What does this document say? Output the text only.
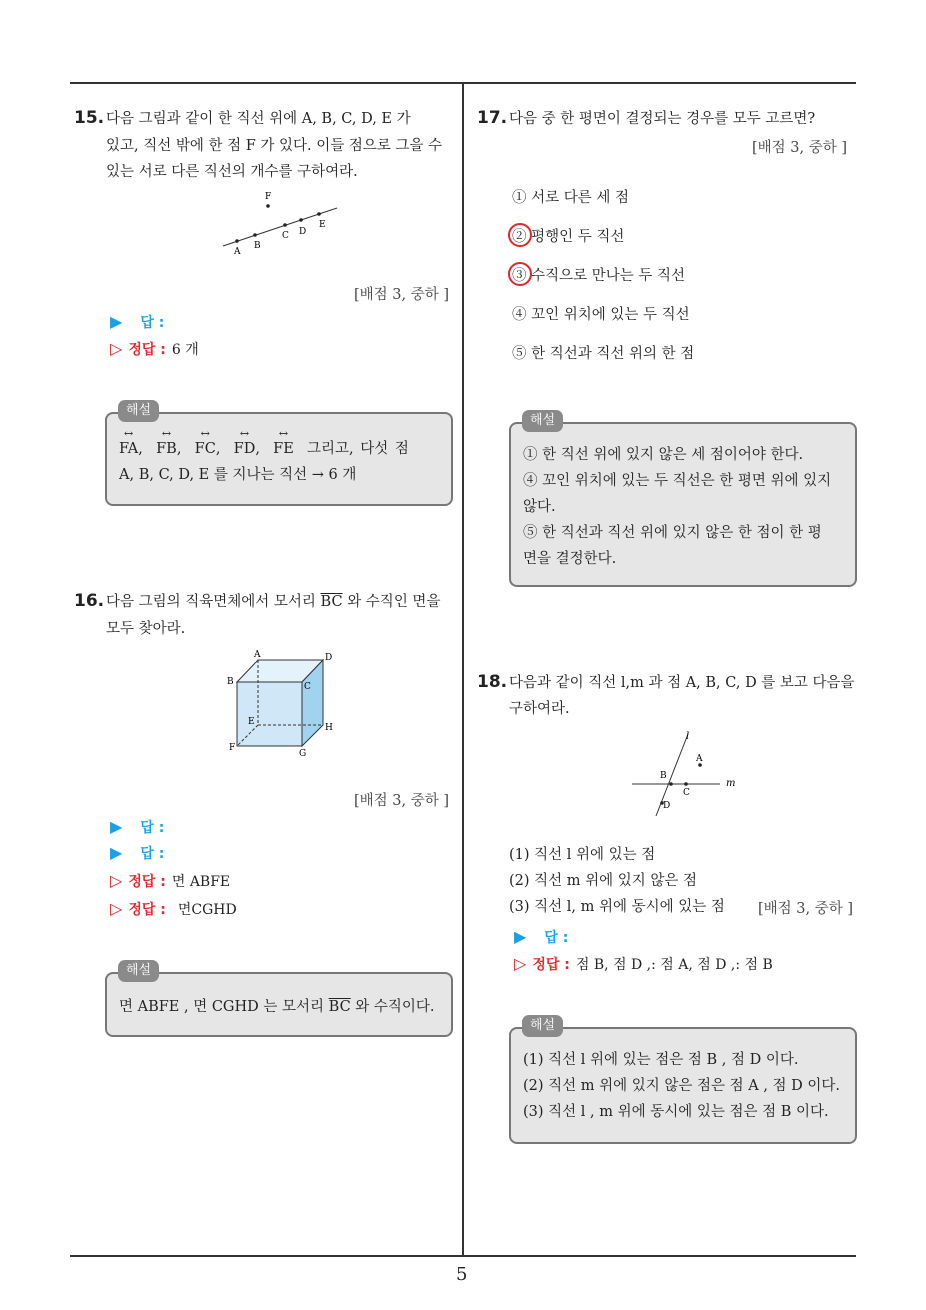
15. 다음 그림과 같이 한 직선 위에 A, B, C, D, E 가
있고, 직선 밖에 한 점 F 가 있다. 이들 점으로 그을 수
있는 서로 다른 직선의 개수를 구하여라.
F
A
B
C D
E
[배점 3, 중하 ]
▶ 답 :
▷ 정답 : 6 개
↔ FA,  ↔ FB,  ↔ FC,  ↔ FD,  ↔ FE 그리고, 다섯 점
A, B, C, D, E 를 지나는 직선 → 6 개
해설
16. 다음 그림의 직육면체에서 모서리 $\overline{BC}$ 와 수직인 면을
모두 찾아라.
A	D
B	C
E
H
F
G
[배점 3, 중하 ]
▶ 답 :
▶ 답 :
▷ 정답 : 면 ABFE
▷ 정답 : 면CGHD
면 ABFE , 면 CGHD 는 모서리 $\overline{BC}$ 와 수직이다.
해설
17. 다음 중 한 평면이 결정되는 경우를 모두 고르면?
[배점 3, 중하 ]
① 서로 다른 세 점
② 평행인 두 직선
③ 수직으로 만나는 두 직선
④ 꼬인 위치에 있는 두 직선
⑤ 한 직선과 직선 위의 한 점
① 한 직선 위에 있지 않은 세 점이어야 한다.
④ 꼬인 위치에 있는 두 직선은 한 평면 위에 있지
않다.
⑤ 한 직선과 직선 위에 있지 않은 한 점이 한 평
면을 결정한다.
해설
18. 다음과 같이 직선 l,m 과 점 A, B, C, D 를 보고 다음을
구하여라.
l
m
A
B
C
D
(1) 직선 l 위에 있는 점
(2) 직선 m 위에 있지 않은 점
(3) 직선 l, m 위에 동시에 있는 점 [배점 3, 중하 ]
▶ 답 :
▷ 정답 : 점 B, 점 D ,: 점 A, 점 D ,: 점 B
(1) 직선 l 위에 있는 점은 점 B , 점 D 이다.
(2) 직선 m 위에 있지 않은 점은 점 A , 점 D 이다.
(3) 직선 l , m 위에 동시에 있는 점은 점 B 이다.
해설
5
